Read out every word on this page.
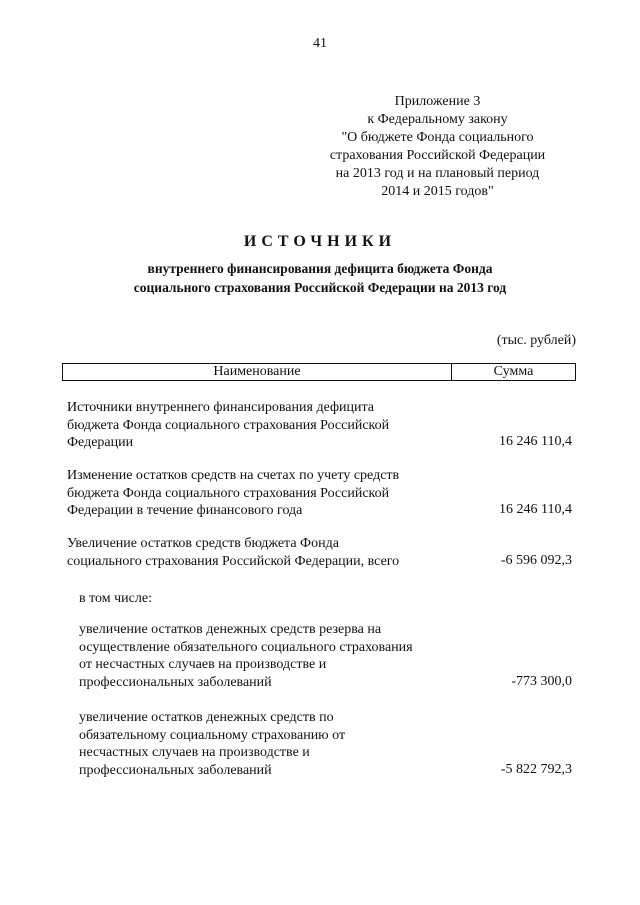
41
Приложение 3
к Федеральному закону
"О бюджете Фонда социального
страхования Российской Федерации
на 2013 год и на плановый период
2014 и 2015 годов"
ИСТОЧНИКИ
внутреннего финансирования дефицита бюджета Фонда
социального страхования Российской Федерации на 2013 год
(тыс. рублей)
Наименование	Сумма
Источники внутреннего финансирования дефицита
бюджета Фонда социального страхования Российской
Федерации	16 246 110,4
Изменение остатков средств на счетах по учету средств
бюджета Фонда социального страхования Российской
Федерации в течение финансового года	16 246 110,4
Увеличение остатков средств бюджета Фонда
социального страхования Российской Федерации, всего	-6 596 092,3
в том числе:
увеличение остатков денежных средств резерва на
осуществление обязательного социального страхования
от несчастных случаев на производстве и
профессиональных заболеваний	-773 300,0
увеличение остатков денежных средств по
обязательному социальному страхованию от
несчастных случаев на производстве и
профессиональных заболеваний	-5 822 792,3
